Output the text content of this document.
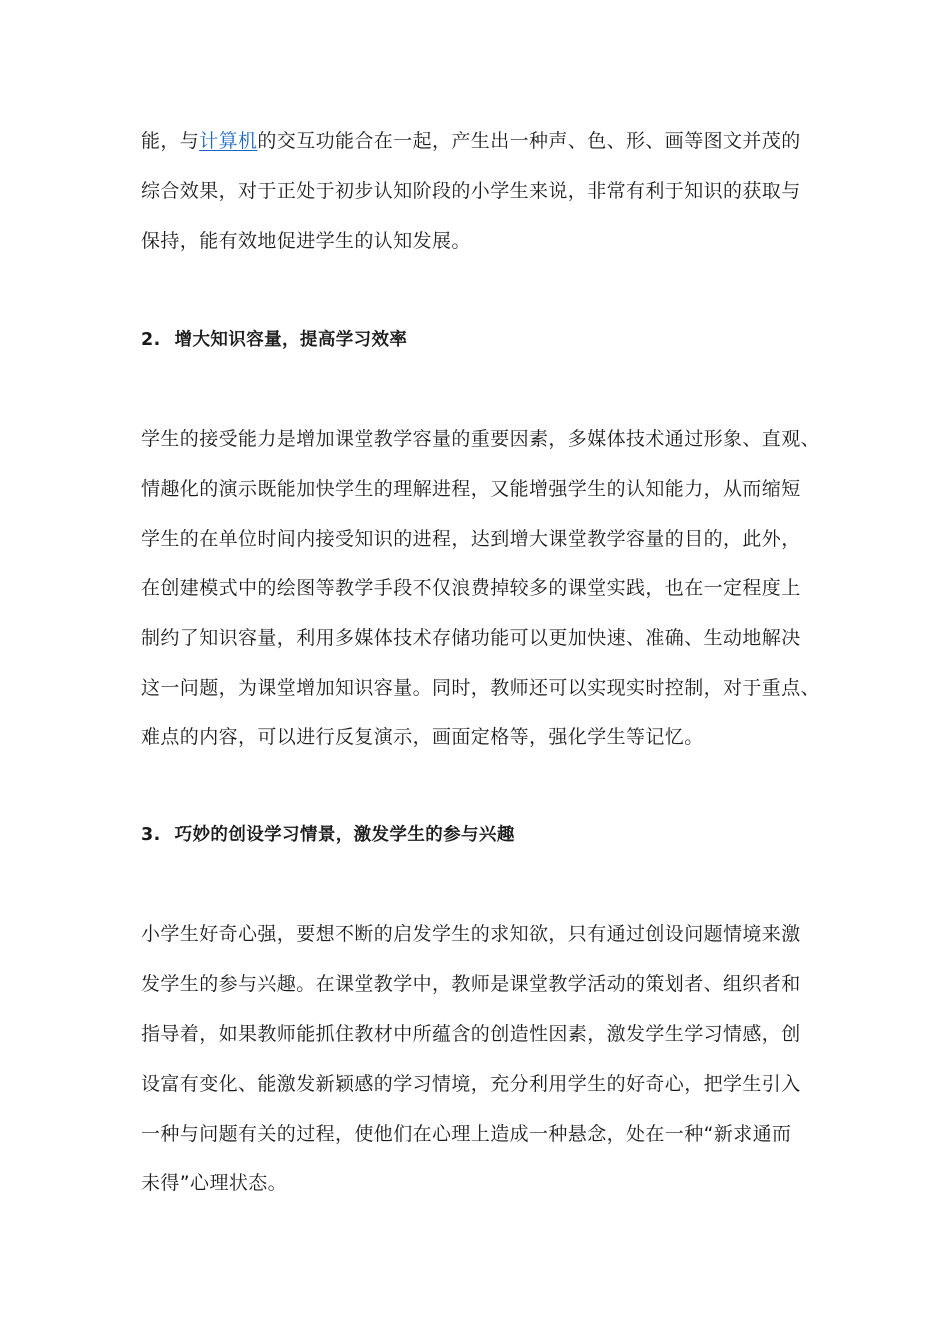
能，与计算机的交互功能合在一起，产生出一种声、色、形、画等图文并茂的
综合效果，对于正处于初步认知阶段的小学生来说，非常有利于知识的获取与
保持，能有效地促进学生的认知发展。
2. 增大知识容量，提高学习效率
学生的接受能力是增加课堂教学容量的重要因素，多媒体技术通过形象、直观、
情趣化的演示既能加快学生的理解进程，又能增强学生的认知能力，从而缩短
学生的在单位时间内接受知识的进程，达到增大课堂教学容量的目的，此外，
在创建模式中的绘图等教学手段不仅浪费掉较多的课堂实践，也在一定程度上
制约了知识容量，利用多媒体技术存储功能可以更加快速、准确、生动地解决
这一问题，为课堂增加知识容量。同时，教师还可以实现实时控制，对于重点、
难点的内容，可以进行反复演示，画面定格等，强化学生等记忆。
3. 巧妙的创设学习情景，激发学生的参与兴趣
小学生好奇心强，要想不断的启发学生的求知欲，只有通过创设问题情境来激
发学生的参与兴趣。在课堂教学中，教师是课堂教学活动的策划者、组织者和
指导着，如果教师能抓住教材中所蕴含的创造性因素，激发学生学习情感，创
设富有变化、能激发新颖感的学习情境，充分利用学生的好奇心，把学生引入
一种与问题有关的过程，使他们在心理上造成一种悬念，处在一种“新求通而
未得”心理状态。
